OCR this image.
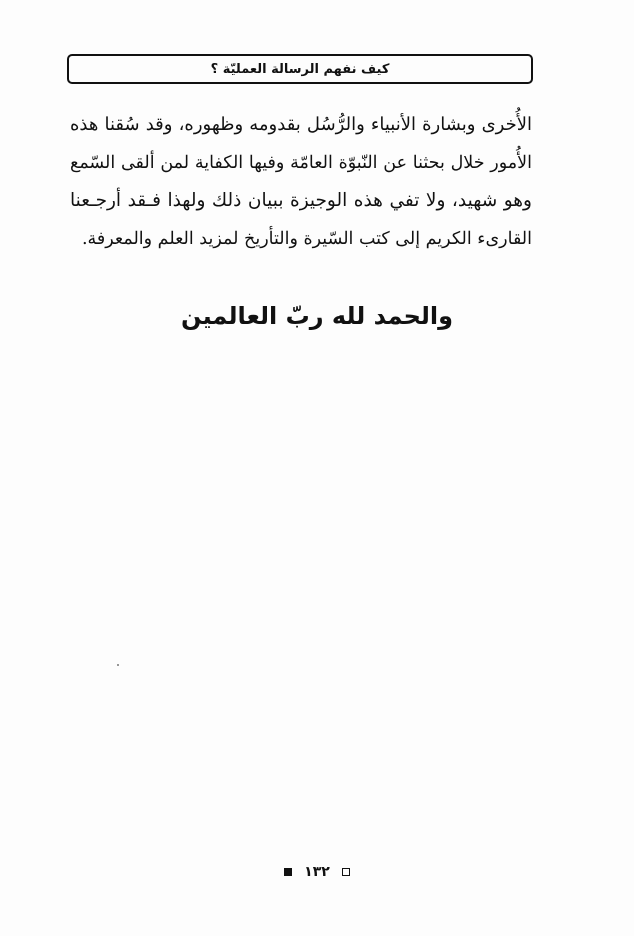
كيف نفهم الرسالة العمليّة ؟
الأُخرى وبشارة الأنبياء والرُّسُل بقدومه وظهوره، وقد سُقنا هذه
الأُمور خلال بحثنا عن النّبوّة العامّة وفيها الكفاية لمن ألقى السّمع
وهو شهيد، ولا تفي هذه الوجيزة ببيان ذلك ولهذا فـقد أرجـعنا
القارىء الكريم إلى كتب السّيرة والتأريخ لمزيد العلم والمعرفة.
والحمد لله ربّ العالمين
١٣٢
